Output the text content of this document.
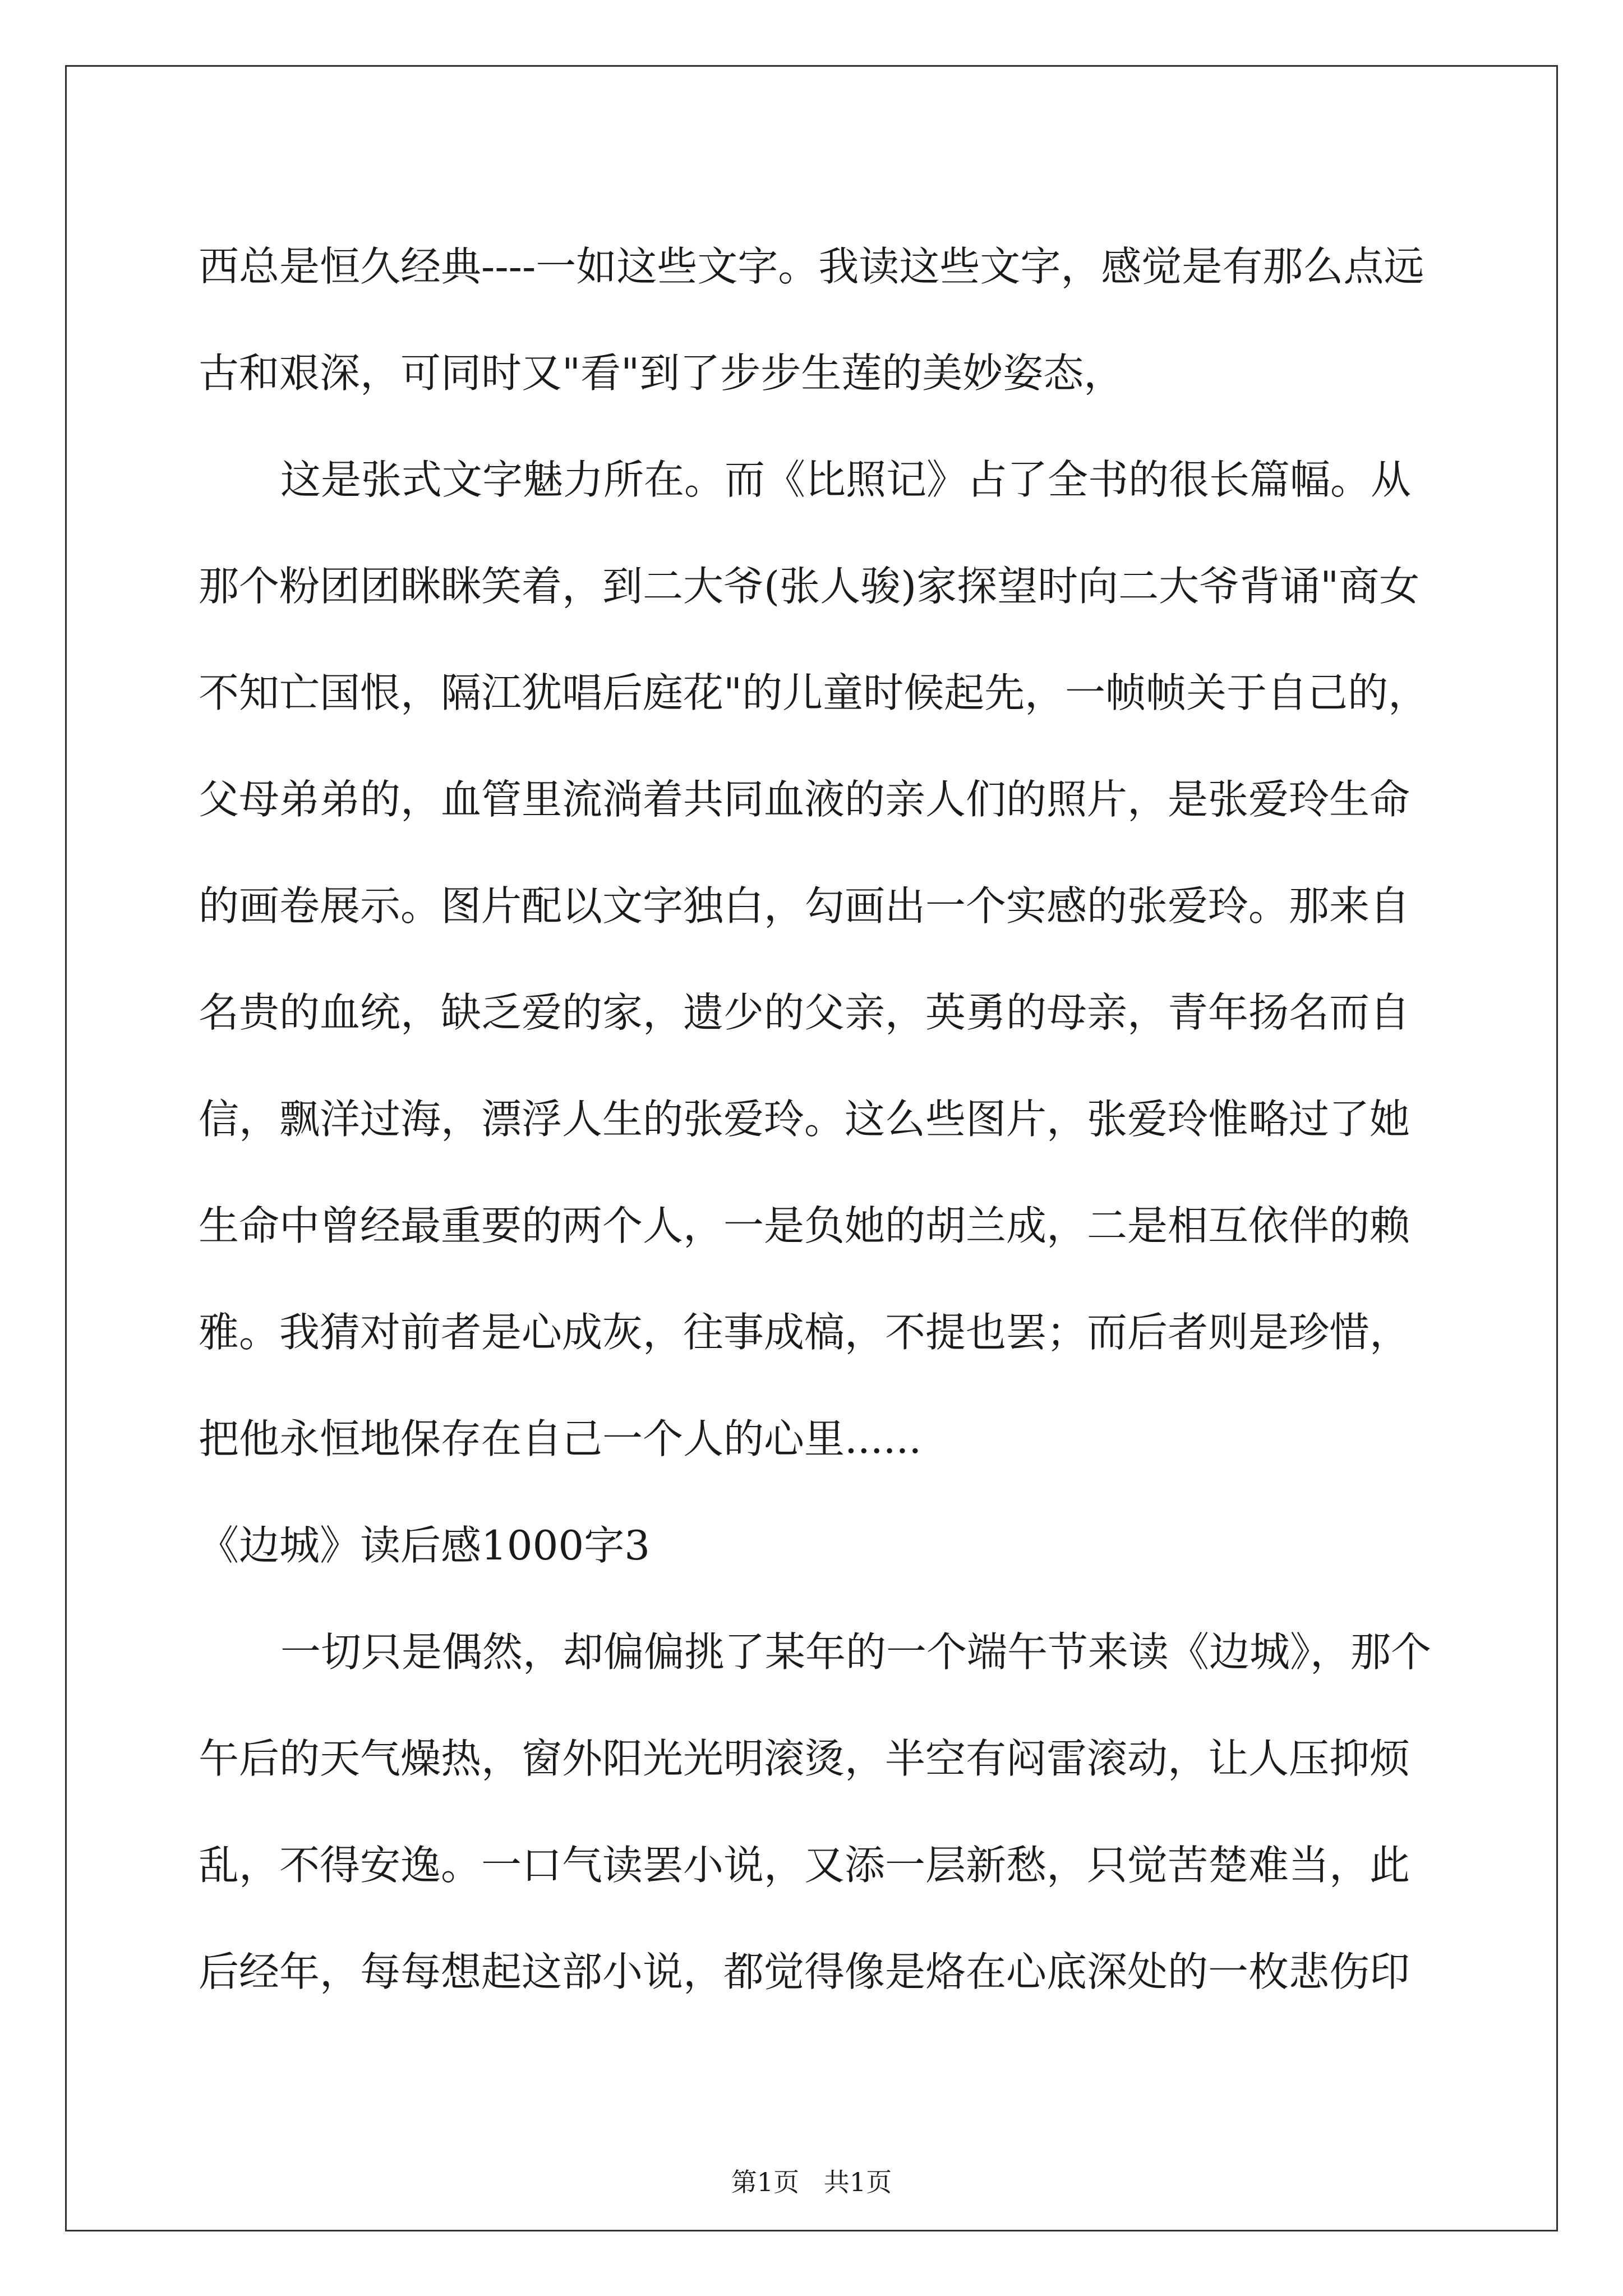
西总是恒久经典----一如这些文字。我读这些文字，感觉是有那么点远
古和艰深，可同时又"看"到了步步生莲的美妙姿态，
这是张式文字魅力所在。而《比照记》占了全书的很长篇幅。从
那个粉团团眯眯笑着，到二大爷(张人骏)家探望时向二大爷背诵"商女
不知亡国恨，隔江犹唱后庭花"的儿童时候起先，一帧帧关于自己的，
父母弟弟的，血管里流淌着共同血液的亲人们的照片，是张爱玲生命
的画卷展示。图片配以文字独白，勾画出一个实感的张爱玲。那来自
名贵的血统，缺乏爱的家，遗少的父亲，英勇的母亲，青年扬名而自
信，飘洋过海，漂浮人生的张爱玲。这么些图片，张爱玲惟略过了她
生命中曾经最重要的两个人，一是负她的胡兰成，二是相互依伴的赖
雅。我猜对前者是心成灰，往事成槁，不提也罢；而后者则是珍惜，
把他永恒地保存在自己一个人的心里......
《边城》读后感1000字3
一切只是偶然，却偏偏挑了某年的一个端午节来读《边城》，那个
午后的天气燥热，窗外阳光光明滚烫，半空有闷雷滚动，让人压抑烦
乱，不得安逸。一口气读罢小说，又添一层新愁，只觉苦楚难当，此
后经年，每每想起这部小说，都觉得像是烙在心底深处的一枚悲伤印
第1页   共1页
